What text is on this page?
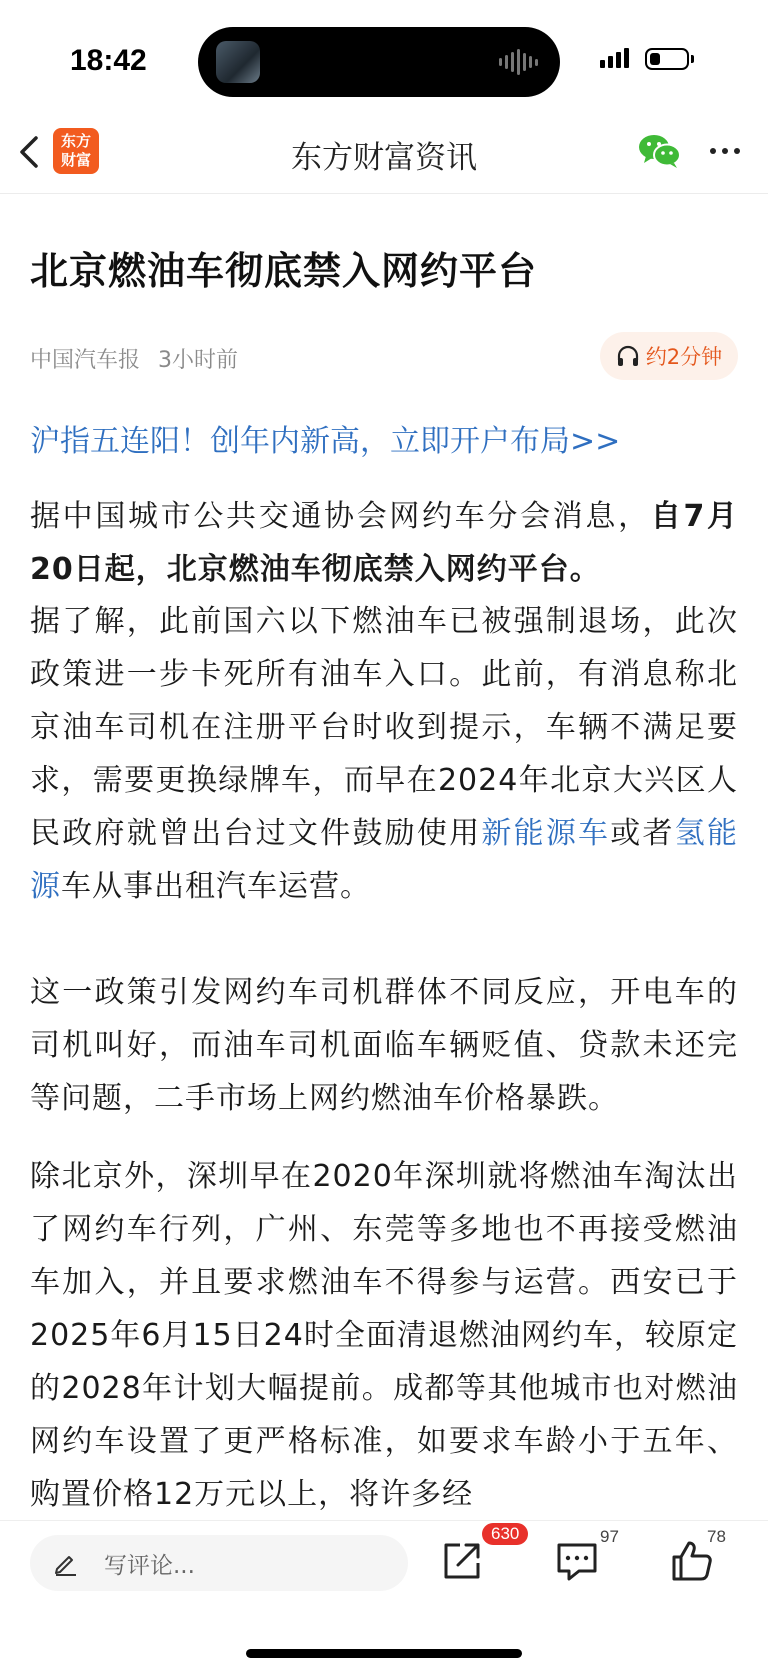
18:42
东方
财富	东方财富资讯
北京燃油车彻底禁入网约平台
中国汽车报 3小时前	约2分钟
沪指五连阳！创年内新高，立即开户布局>>

据中国城市公共交通协会网约车分会消息，自7月20日起，北京燃油车彻底禁入网约平台。

据了解，此前国六以下燃油车已被强制退场，此次政策进一步卡死所有油车入口。此前，有消息称北京油车司机在注册平台时收到提示，车辆不满足要求，需要更换绿牌车，而早在2024年北京大兴区人民政府就曾出台过文件鼓励使用新能源车或者氢能源车从事出租汽车运营。

这一政策引发网约车司机群体不同反应，开电车的司机叫好，而油车司机面临车辆贬值、贷款未还完等问题，二手市场上网约燃油车价格暴跌。

除北京外，深圳早在2020年深圳就将燃油车淘汰出了网约车行列，广州、东莞等多地也不再接受燃油车加入，并且要求燃油车不得参与运营。西安已于2025年6月15日24时全面清退燃油网约车，较原定的2028年计划大幅提前。成都等其他城市也对燃油网约车设置了更严格标准，如要求车龄小于五年、购置价格12万元以上，将许多经

写评论...
630	97	78
